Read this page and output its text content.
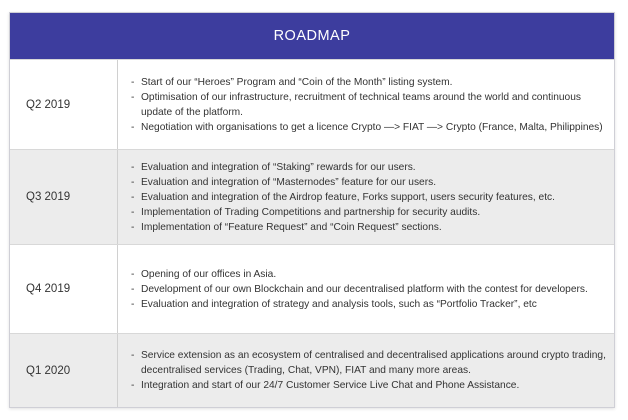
ROADMAP
Q2 2019
- Start of our “Heroes” Program and “Coin of the Month” listing system.
- Optimisation of our infrastructure, recruitment of technical teams around the world and continuous update of the platform.
- Negotiation with organisations to get a licence Crypto —> FIAT —> Crypto (France, Malta, Philippines)
Q3 2019
- Evaluation and integration of “Staking” rewards for our users.
- Evaluation and integration of “Masternodes” feature for our users.
- Evaluation and integration of the Airdrop feature, Forks support, users security features, etc.
- Implementation of Trading Competitions and partnership for security audits.
- Implementation of “Feature Request” and “Coin Request” sections.
Q4 2019
- Opening of our offices in Asia.
- Development of our own Blockchain and our decentralised platform with the contest for developers.
- Evaluation and integration of strategy and analysis tools, such as “Portfolio Tracker”, etc
Q1 2020
- Service extension as an ecosystem of centralised and decentralised applications around crypto trading, decentralised services (Trading, Chat, VPN), FIAT and many more areas.
- Integration and start of our 24/7 Customer Service Live Chat and Phone Assistance.
